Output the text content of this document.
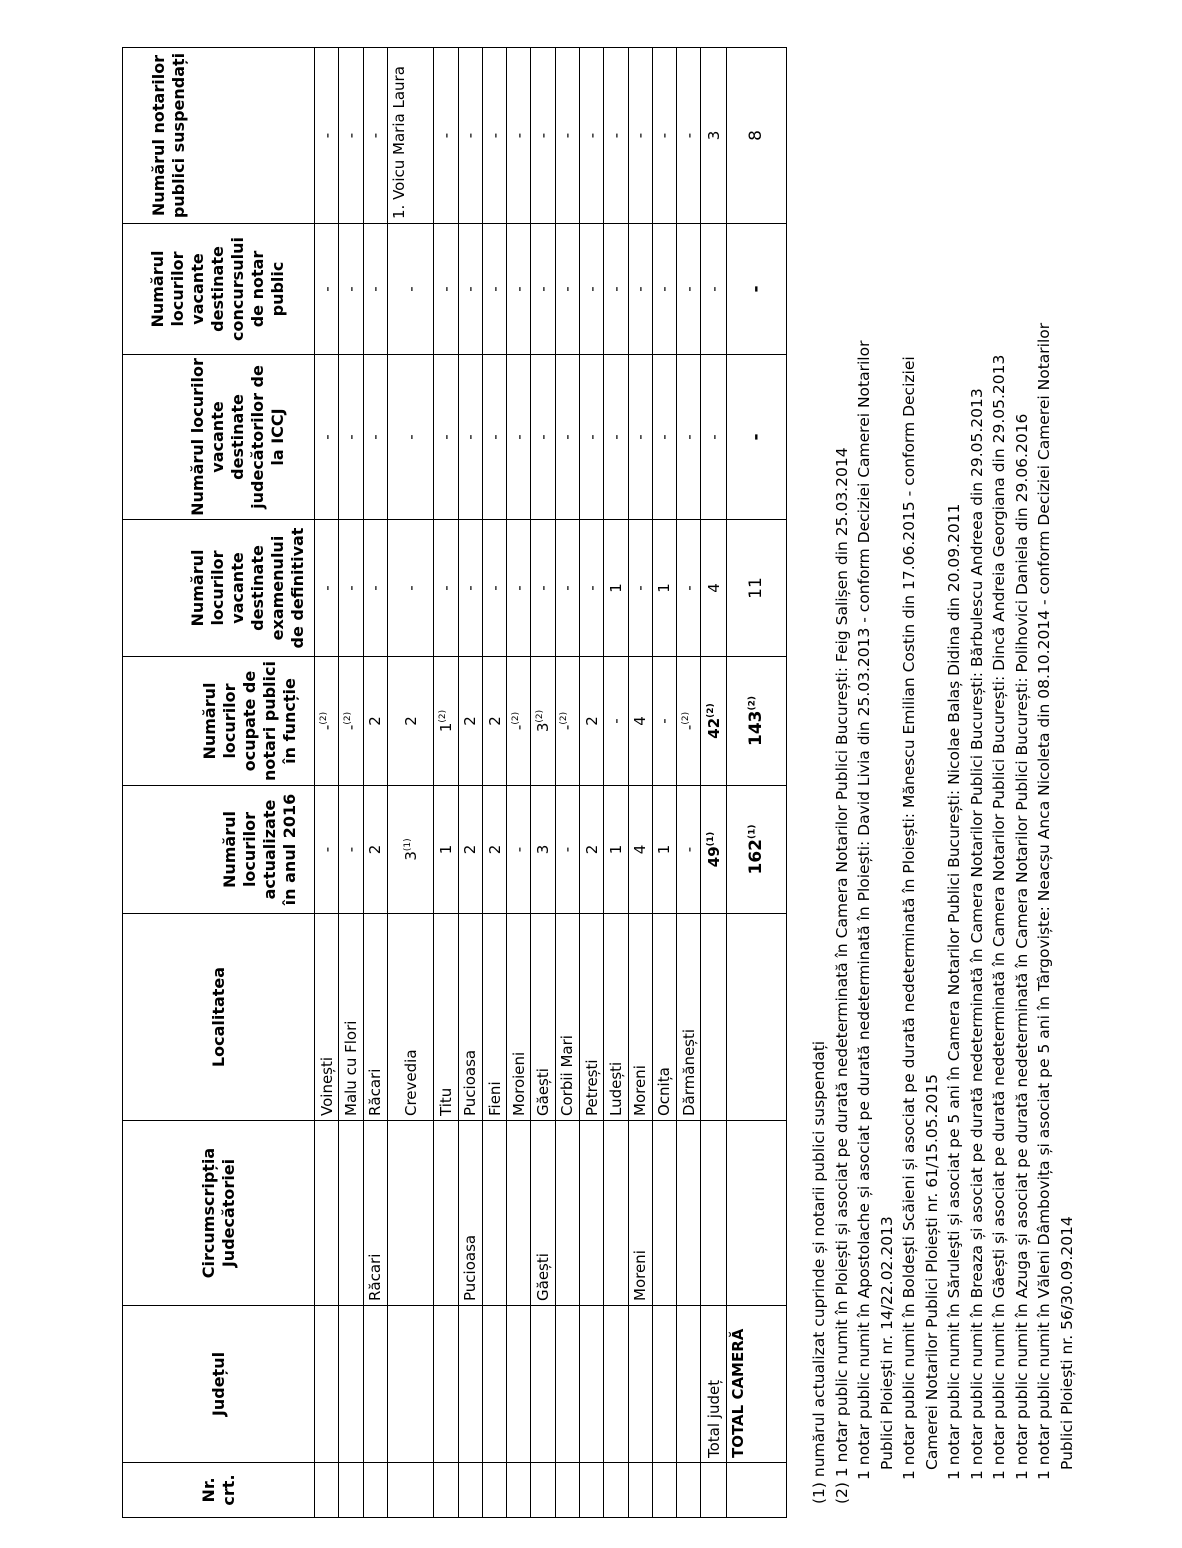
Nr. crt.	Județul	Circumscripția Judecătoriei	Localitatea	Numărul locurilor actualizate în anul 2016	Numărul locurilor ocupate de notari publici în funcție	Numărul locurilor vacante destinate examenului de definitivat	Numărul locurilor vacante destinate judecătorilor de la ICCJ	Numărul locurilor vacante destinate concursului de notar public	Numărul notarilor publici suspendați
			Voinești	-	-$^{(2)}$	-	-	-	-
			Malu cu Flori	-	-$^{(2)}$	-	-	-	-
		Răcari	Răcari	2	2	-	-	-	-
			Crevedia	3$^{(1)}$	2	-	-	-	1. Voicu Maria Laura
			Titu	1	1$^{(2)}$	-	-	-	-
		Pucioasa	Pucioasa	2	2	-	-	-	-
			Fieni	2	2	-	-	-	-
			Moroieni	-	-$^{(2)}$	-	-	-	-
		Găești	Găești	3	3$^{(2)}$	-	-	-	-
			Corbii Mari	-	-$^{(2)}$	-	-	-	-
			Petrești	2	2	-	-	-	-
			Ludești	1	-	1	-	-	-
		Moreni	Moreni	4	4	-	-	-	-
			Ocnița	1	-	1	-	-	-
			Dărmănești	-	-$^{(2)}$	-	-	-	-
	Total județ			49$^{(1)}$	42$^{(2)}$	4	-	-	3
	TOTAL CAMERĂ			162$^{(1)}$	143$^{(2)}$	11	-	-	8
(1) numărul actualizat cuprinde și notarii publici suspendați (2) 1 notar public numit în Ploiești și asociat pe durată nedeterminată în Camera Notarilor Publici București: Feig Salișen din 25.03.2014 1 notar public numit în Apostolache și asociat pe durată nedeterminată în Ploiești: David Livia din 25.03.2013 - conform Deciziei Camerei Notarilor Publici Ploiești nr. 14/22.02.2013 1 notar public numit în Boldești Scăieni și asociat pe durată nedeterminată în Ploiești: Mănescu Emilian Costin din 17.06.2015 - conform Deciziei Camerei Notarilor Publici Ploiești nr. 61/15.05.2015 1 notar public numit în Săruleşti și asociat pe 5 ani în Camera Notarilor Publici București: Nicolae Balaș Didina din 20.09.2011 1 notar public numit în Breaza și asociat pe durată nedeterminată în Camera Notarilor Publici București: Bărbulescu Andreea din 29.05.2013 1 notar public numit în Găești și asociat pe durată nedeterminată în Camera Notarilor Publici București: Dincă Andreia Georgiana din 29.05.2013 1 notar public numit în Azuga și asociat pe durată nedeterminată în Camera Notarilor Publici București: Polihovici Daniela din 29.06.2016 1 notar public numit în Văleni Dâmbovița și asociat pe 5 ani în Târgoviște: Neacșu Anca Nicoleta din 08.10.2014 - conform Deciziei Camerei Notarilor Publici Ploiești nr. 56/30.09.2014
